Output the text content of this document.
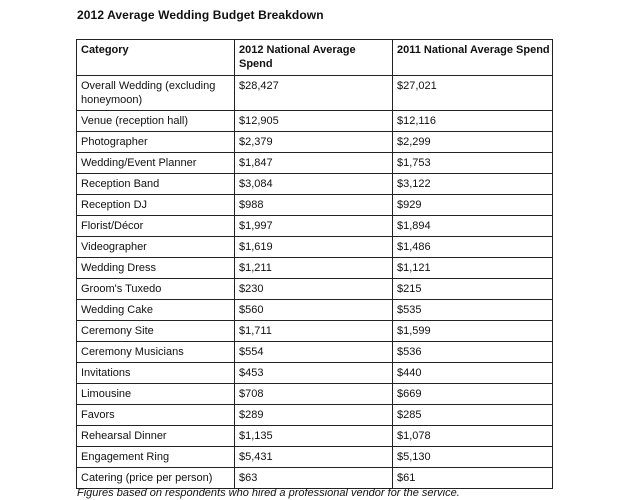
2012 Average Wedding Budget Breakdown
Category	2012 National Average Spend	2011 National Average Spend
Overall Wedding (excluding honeymoon)	$28,427	$27,021
Venue (reception hall)	$12,905	$12,116
Photographer	$2,379	$2,299
Wedding/Event Planner	$1,847	$1,753
Reception Band	$3,084	$3,122
Reception DJ	$988	$929
Florist/Décor	$1,997	$1,894
Videographer	$1,619	$1,486
Wedding Dress	$1,211	$1,121
Groom's Tuxedo	$230	$215
Wedding Cake	$560	$535
Ceremony Site	$1,711	$1,599
Ceremony Musicians	$554	$536
Invitations	$453	$440
Limousine	$708	$669
Favors	$289	$285
Rehearsal Dinner	$1,135	$1,078
Engagement Ring	$5,431	$5,130
Catering (price per person)	$63	$61
Figures based on respondents who hired a professional vendor for the service.
